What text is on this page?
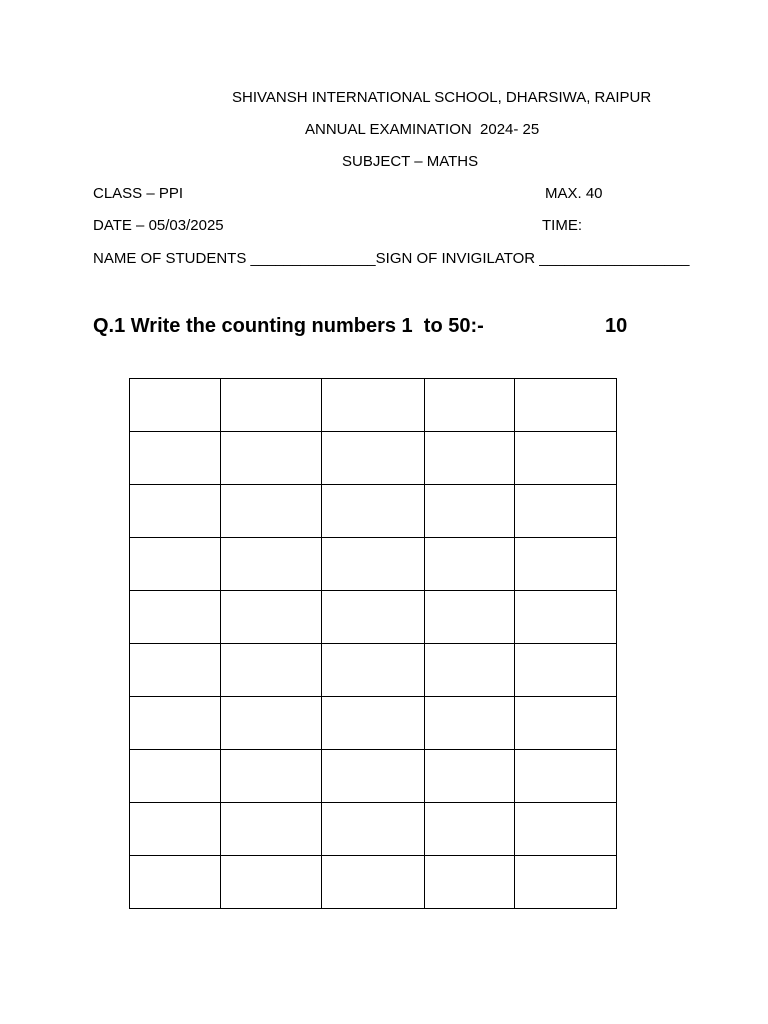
SHIVANSH INTERNATIONAL SCHOOL, DHARSIWA, RAIPUR
ANNUAL EXAMINATION  2024- 25
SUBJECT – MATHS
CLASS – PPI	MAX. 40
DATE – 05/03/2025	TIME:
NAME OF STUDENTS _______________SIGN OF INVIGILATOR __________________
Q.1 Write the counting numbers 1  to 50:-	10
